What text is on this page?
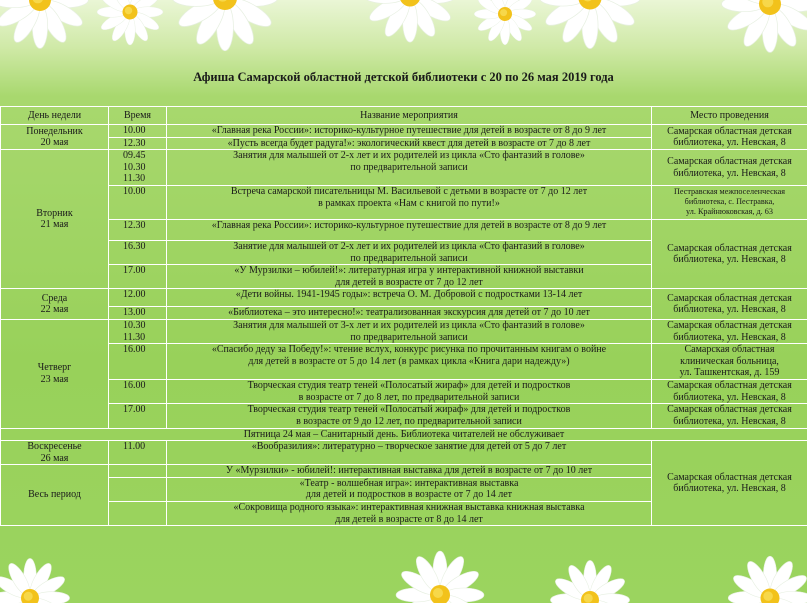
Афиша Самарской областной детской библиотеки с 20 по 26 мая 2019 года
День недели	Время	Название мероприятия	Место проведения
Понедельник
20 мая	10.00	«Главная река России»: историко-культурное путешествие для детей в возрасте от 8 до 9 лет	Самарская областная детская
библиотека, ул. Невская, 8
	12.30	«Пусть всегда будет радуга!»: экологический квест для детей в возрасте от 7 до 8 лет	
Вторник
21 мая	09.45
10.30
11.30	Занятия для малышей от 2-х лет и их родителей из цикла «Сто фантазий в голове»
по предварительной записи	Самарская областная детская
библиотека, ул. Невская, 8
	10.00	Встреча самарской писательницы М. Васильевой с детьми в возрасте от 7 до 12 лет
в рамках проекта «Нам с книгой по пути!»	Пестравская межпоселенческая
библиотека, с. Пестравка,
ул. Крайнюковская, д. 63
	12.30	«Главная река России»: историко-культурное путешествие для детей в возрасте от 8 до 9 лет	Самарская областная детская
библиотека, ул. Невская, 8
	16.30	Занятие для малышей от 2-х лет и их родителей из цикла «Сто фантазий в голове»
по предварительной записи	
	17.00	«У Мурзилки – юбилей!»: литературная игра у интерактивной книжной выставки
для детей в возрасте от 7 до 12 лет	
Среда
22 мая	12.00	«Дети войны. 1941-1945 годы»: встреча О. М. Добровой с подростками 13-14 лет	Самарская областная детская
библиотека, ул. Невская, 8
	13.00	«Библиотека – это интересно!»: театрализованная экскурсия для детей от 7 до 10 лет	
Четверг
23 мая	10.30
11.30	Занятия для малышей от 3-х лет и их родителей из цикла «Сто фантазий в голове»
по предварительной записи	Самарская областная детская
библиотека, ул. Невская, 8
	16.00	«Спасибо деду за Победу!»: чтение вслух, конкурс рисунка по прочитанным книгам о войне
для детей в возрасте от 5 до 14 лет (в рамках цикла «Книга дари надежду»)	Самарская областная
клиническая больница,
ул. Ташкентская, д. 159
	16.00	Творческая студия театр теней «Полосатый жираф» для детей и подростков
в возрасте от 7 до 8 лет, по предварительной записи	Самарская областная детская
библиотека, ул. Невская, 8
	17.00	Творческая студия театр теней «Полосатый жираф» для детей и подростков
в возрасте от 9 до 12 лет, по предварительной записи	Самарская областная детская
библиотека, ул. Невская, 8
Пятница 24 мая – Санитарный день. Библиотека читателей не обслуживает			
Воскресенье
26 мая	11.00	«Вообразилия»: литературно – творческое занятие для детей от 5 до 7 лет	Самарская областная детская
библиотека, ул. Невская, 8
Весь период		У «Мурзилки» - юбилей!: интерактивная выставка для детей в возрасте от 7 до 10 лет	
		«Театр - волшебная игра»: интерактивная выставка
для детей и подростков в возрасте от 7 до 14 лет	
		«Сокровища родного языка»: интерактивная книжная выставка книжная выставка
для детей в возрасте от 8 до 14 лет	
